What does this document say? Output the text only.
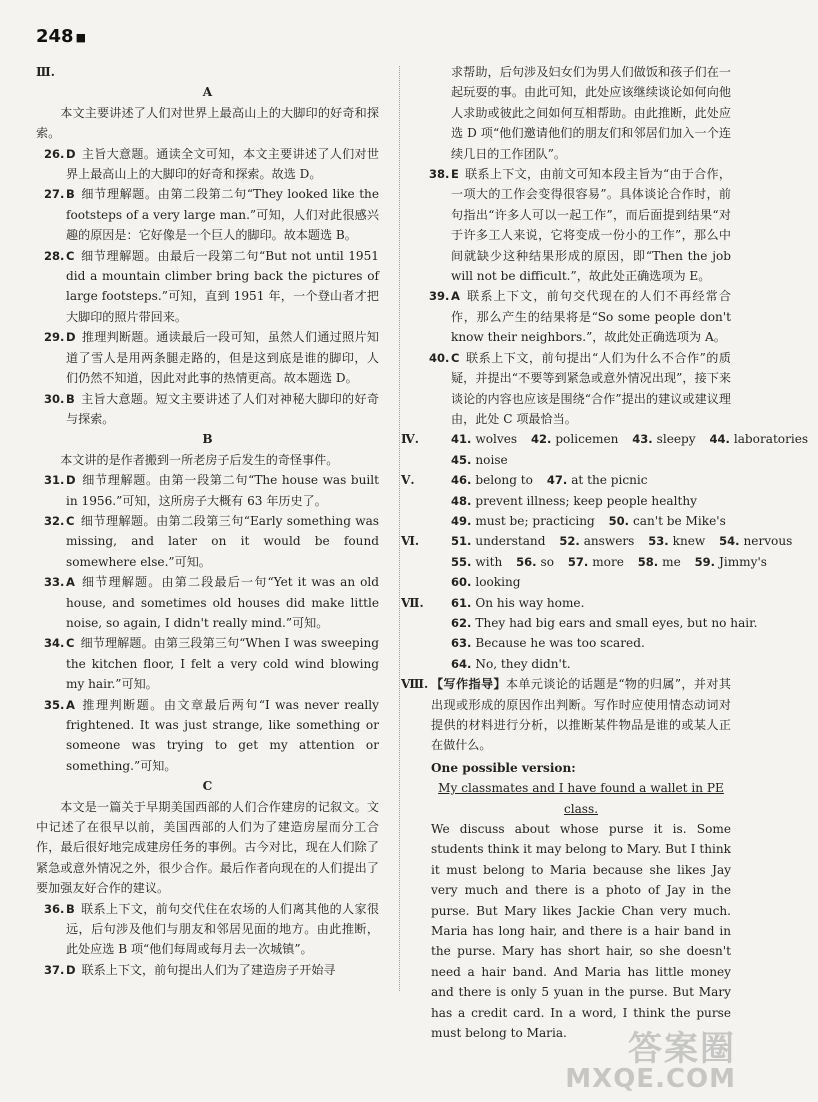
248 ■
Ⅲ.
A
本文主要讲述了人们对世界上最高山上的大脚印的好奇和探索。
26. D 主旨大意题。通读全文可知，本文主要讲述了人们对世界上最高山上的大脚印的好奇和探索。故选 D。
27. B 细节理解题。由第二段第二句“They looked like the footsteps of a very large man.”可知，人们对此很感兴趣的原因是：它好像是一个巨人的脚印。故本题选 B。
28. C 细节理解题。由最后一段第二句“But not until 1951 did a mountain climber bring back the pictures of large footsteps.”可知，直到 1951 年，一个登山者才把大脚印的照片带回来。
29. D 推理判断题。通读最后一段可知，虽然人们通过照片知道了雪人是用两条腿走路的，但是这到底是谁的脚印，人们仍然不知道，因此对此事的热情更高。故本题选 D。
30. B 主旨大意题。短文主要讲述了人们对神秘大脚印的好奇与探索。
B
本文讲的是作者搬到一所老房子后发生的奇怪事件。
31. D 细节理解题。由第一段第二句“The house was built in 1956.”可知，这所房子大概有 63 年历史了。
32. C 细节理解题。由第二段第三句“Early something was missing, and later on it would be found somewhere else.”可知。
33. A 细节理解题。由第二段最后一句“Yet it was an old house, and sometimes old houses did make little noise, so again, I didn't really mind.”可知。
34. C 细节理解题。由第三段第三句“When I was sweeping the kitchen floor, I felt a very cold wind blowing my hair.”可知。
35. A 推理判断题。由文章最后两句“I was never really frightened. It was just strange, like something or someone was trying to get my attention or something.”可知。
C
本文是一篇关于早期美国西部的人们合作建房的记叙文。文中记述了在很早以前，美国西部的人们为了建造房屋而分工合作，最后很好地完成建房任务的事例。古今对比，现在人们除了紧急或意外情况之外，很少合作。最后作者向现在的人们提出了要加强友好合作的建议。
36. B 联系上下文，前句交代住在农场的人们离其他的人家很远，后句涉及他们与朋友和邻居见面的地方。由此推断，此处应选 B 项“他们每周或每月去一次城镇”。
37. D 联系上下文，前句提出人们为了建造房子开始寻
求帮助，后句涉及妇女们为男人们做饭和孩子们在一起玩耍的事。由此可知，此处应该继续谈论如何向他人求助或彼此之间如何互相帮助。由此推断，此处应选 D 项“他们邀请他们的朋友们和邻居们加入一个连续几日的工作团队”。
38. E 联系上下文，由前文可知本段主旨为“由于合作，一项大的工作会变得很容易”。具体谈论合作时，前句指出“许多人可以一起工作”，而后面提到结果“对于许多工人来说，它将变成一份小的工作”，那么中间就缺少这种结果形成的原因，即“Then the job will not be difficult.”，故此处正确选项为 E。
39. A 联系上下文，前句交代现在的人们不再经常合作，那么产生的结果将是“So some people don't know their neighbors.”，故此处正确选项为 A。
40. C 联系上下文，前句提出“人们为什么不合作”的质疑，并提出“不要等到紧急或意外情况出现”，接下来谈论的内容也应该是围绕“合作”提出的建议或建议理由，此处 C 项最恰当。
Ⅳ.	41. wolves 42. policemen 43. sleepy 44. laboratories
45. noise
Ⅴ.	46. belong to 47. at the picnic
48. prevent illness; keep people healthy
49. must be; practicing 50. can't be Mike's
Ⅵ.	51. understand 52. answers 53. knew 54. nervous
55. with 56. so 57. more 58. me 59. Jimmy's
60. looking
Ⅶ. 61. On his way home.
62. They had big ears and small eyes, but no hair.
63. Because he was too scared.
64. No, they didn't.
Ⅷ. 【写作指导】本单元谈论的话题是“物的归属”，并对其出现或形成的原因作出判断。写作时应使用情态动词对提供的材料进行分析，以推断某件物品是谁的或某人正在做什么。
One possible version:
My classmates and I have found a wallet in PE class.
We discuss about whose purse it is. Some students think it may belong to Mary. But I think it must belong to Maria because she likes Jay very much and there is a photo of Jay in the purse. But Mary likes Jackie Chan very much. Maria has long hair, and there is a hair band in the purse. Mary has short hair, so she doesn't need a hair band. And Maria has little money and there is only 5 yuan in the purse. But Mary has a credit card. In a word, I think the purse must belong to Maria.	答案圈
MXQE.COM
